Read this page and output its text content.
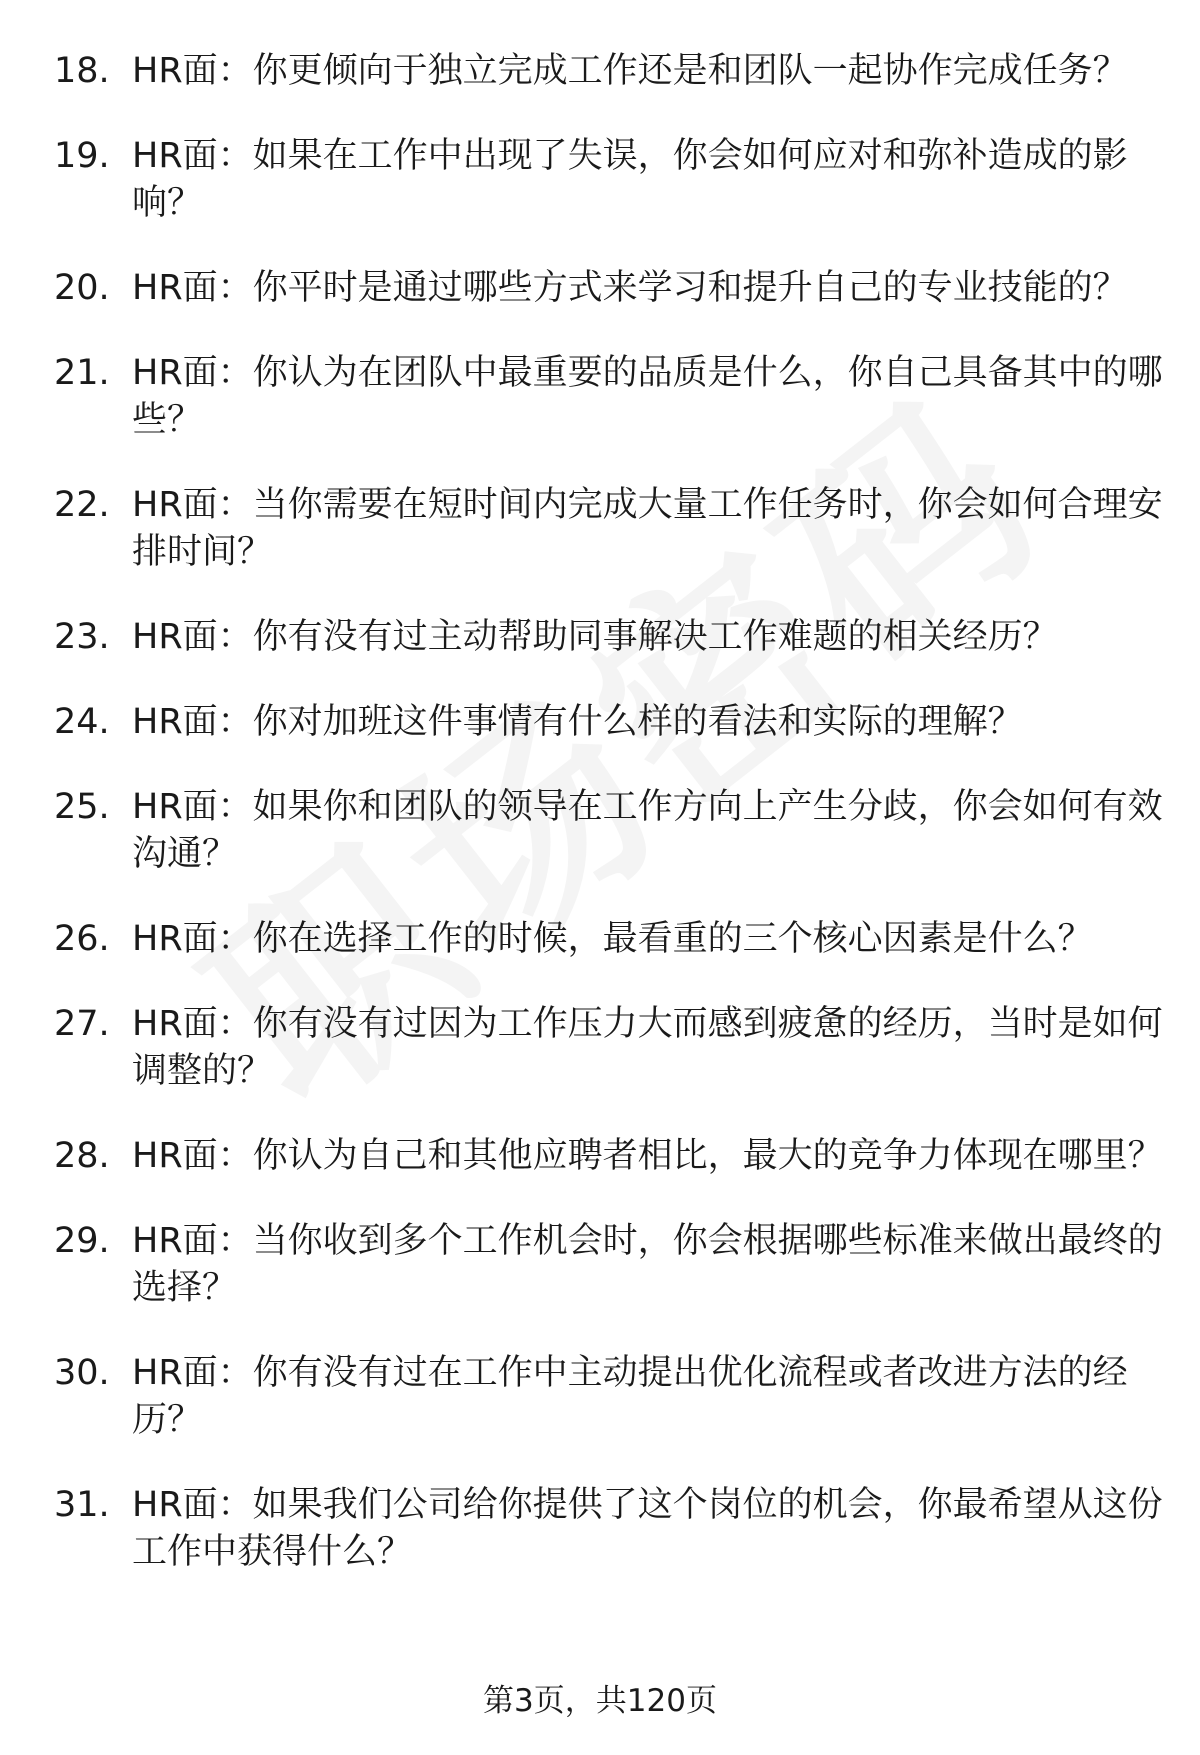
18. HR面：你更倾向于独立完成工作还是和团队一起协作完成任务？
19. HR面：如果在工作中出现了失误，你会如何应对和弥补造成的影响？
20. HR面：你平时是通过哪些方式来学习和提升自己的专业技能的？
21. HR面：你认为在团队中最重要的品质是什么，你自己具备其中的哪些？
22. HR面：当你需要在短时间内完成大量工作任务时，你会如何合理安排时间？
23. HR面：你有没有过主动帮助同事解决工作难题的相关经历？
24. HR面：你对加班这件事情有什么样的看法和实际的理解？
25. HR面：如果你和团队的领导在工作方向上产生分歧，你会如何有效沟通？
26. HR面：你在选择工作的时候，最看重的三个核心因素是什么？
27. HR面：你有没有过因为工作压力大而感到疲惫的经历，当时是如何调整的？
28. HR面：你认为自己和其他应聘者相比，最大的竞争力体现在哪里？
29. HR面：当你收到多个工作机会时，你会根据哪些标准来做出最终的选择？
30. HR面：你有没有过在工作中主动提出优化流程或者改进方法的经历？
31. HR面：如果我们公司给你提供了这个岗位的机会，你最希望从这份工作中获得什么？
第3页，共120页
